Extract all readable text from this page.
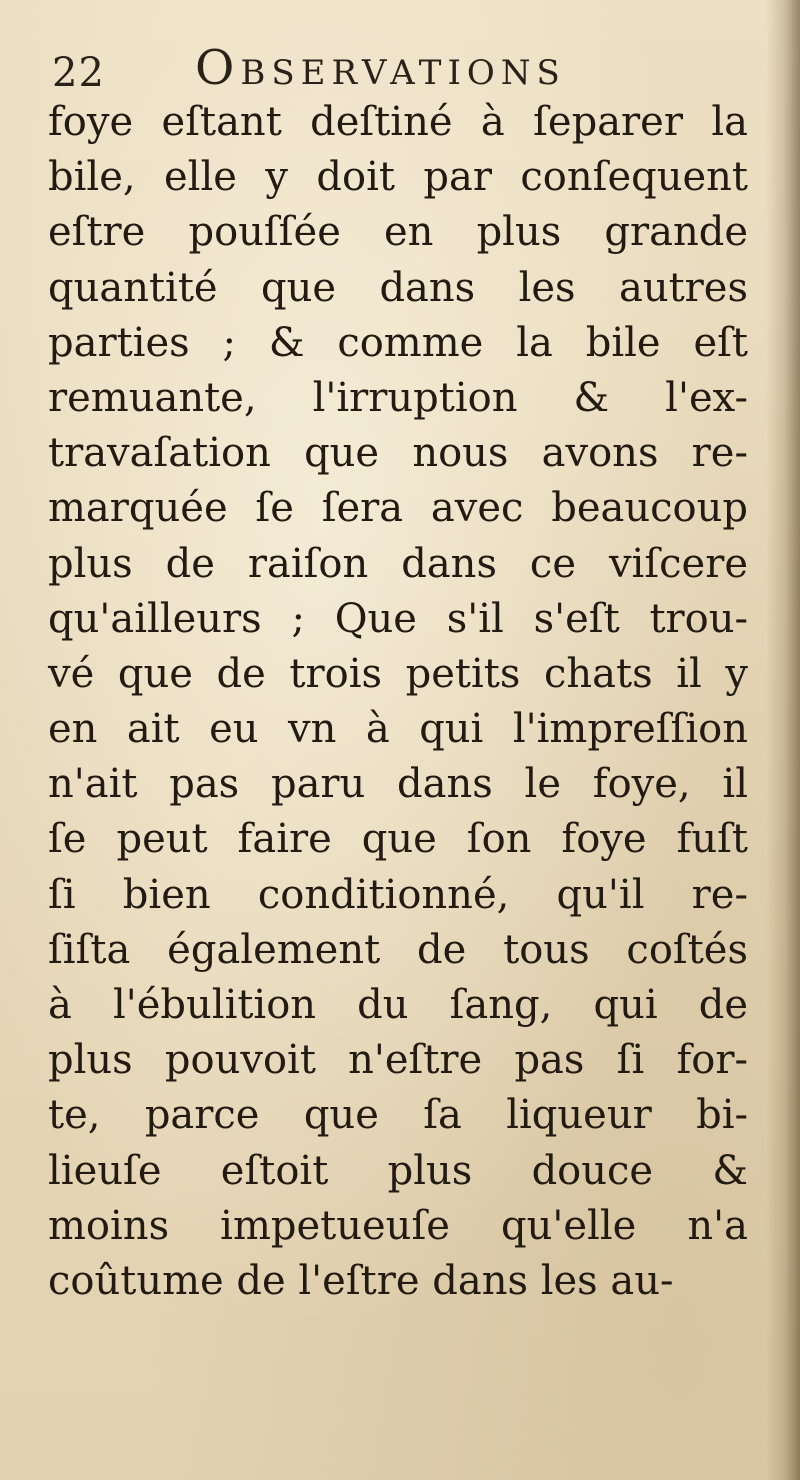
22 Observations
foye eſtant deſtiné à ſeparer la
bile, elle y doit par conſequent
eſtre pouſſée en plus grande
quantité que dans les autres
parties ; & comme la bile eſt
remuante, l'irruption & l'ex-
travaſation que nous avons re-
marquée ſe ſera avec beaucoup
plus de raiſon dans ce viſcere
qu'ailleurs ; Que s'il s'eſt trou-
vé que de trois petits chats il y
en ait eu vn à qui l'impreſſion
n'ait pas paru dans le foye, il
ſe peut faire que ſon foye fuſt
ſi bien conditionné, qu'il re-
ſiſta également de tous coſtés
à l'ébulition du ſang, qui de
plus pouvoit n'eſtre pas ſi for-
te, parce que ſa liqueur bi-
lieuſe eſtoit plus douce &
moins impetueuſe qu'elle n'a
coûtume de l'eſtre dans les au-
